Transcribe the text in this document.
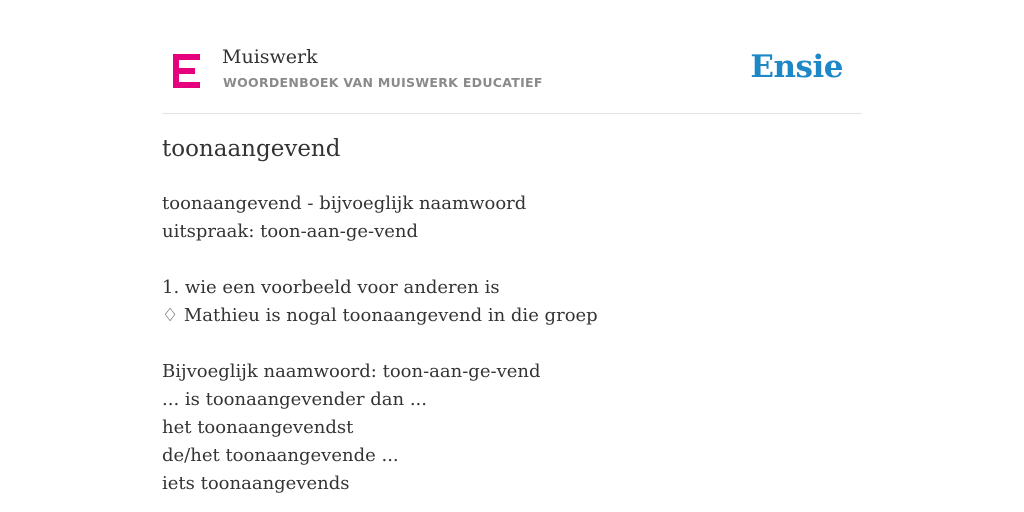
Muiswerk
WOORDENBOEK VAN MUISWERK EDUCATIEF	Ensie
toonaangevend
toonaangevend - bijvoeglijk naamwoord
uitspraak: toon-aan-ge-vend
1. wie een voorbeeld voor anderen is
♢ Mathieu is nogal toonaangevend in die groep
Bijvoeglijk naamwoord: toon-aan-ge-vend
... is toonaangevender dan ...
het toonaangevendst
de/het toonaangevende ...
iets toonaangevends
